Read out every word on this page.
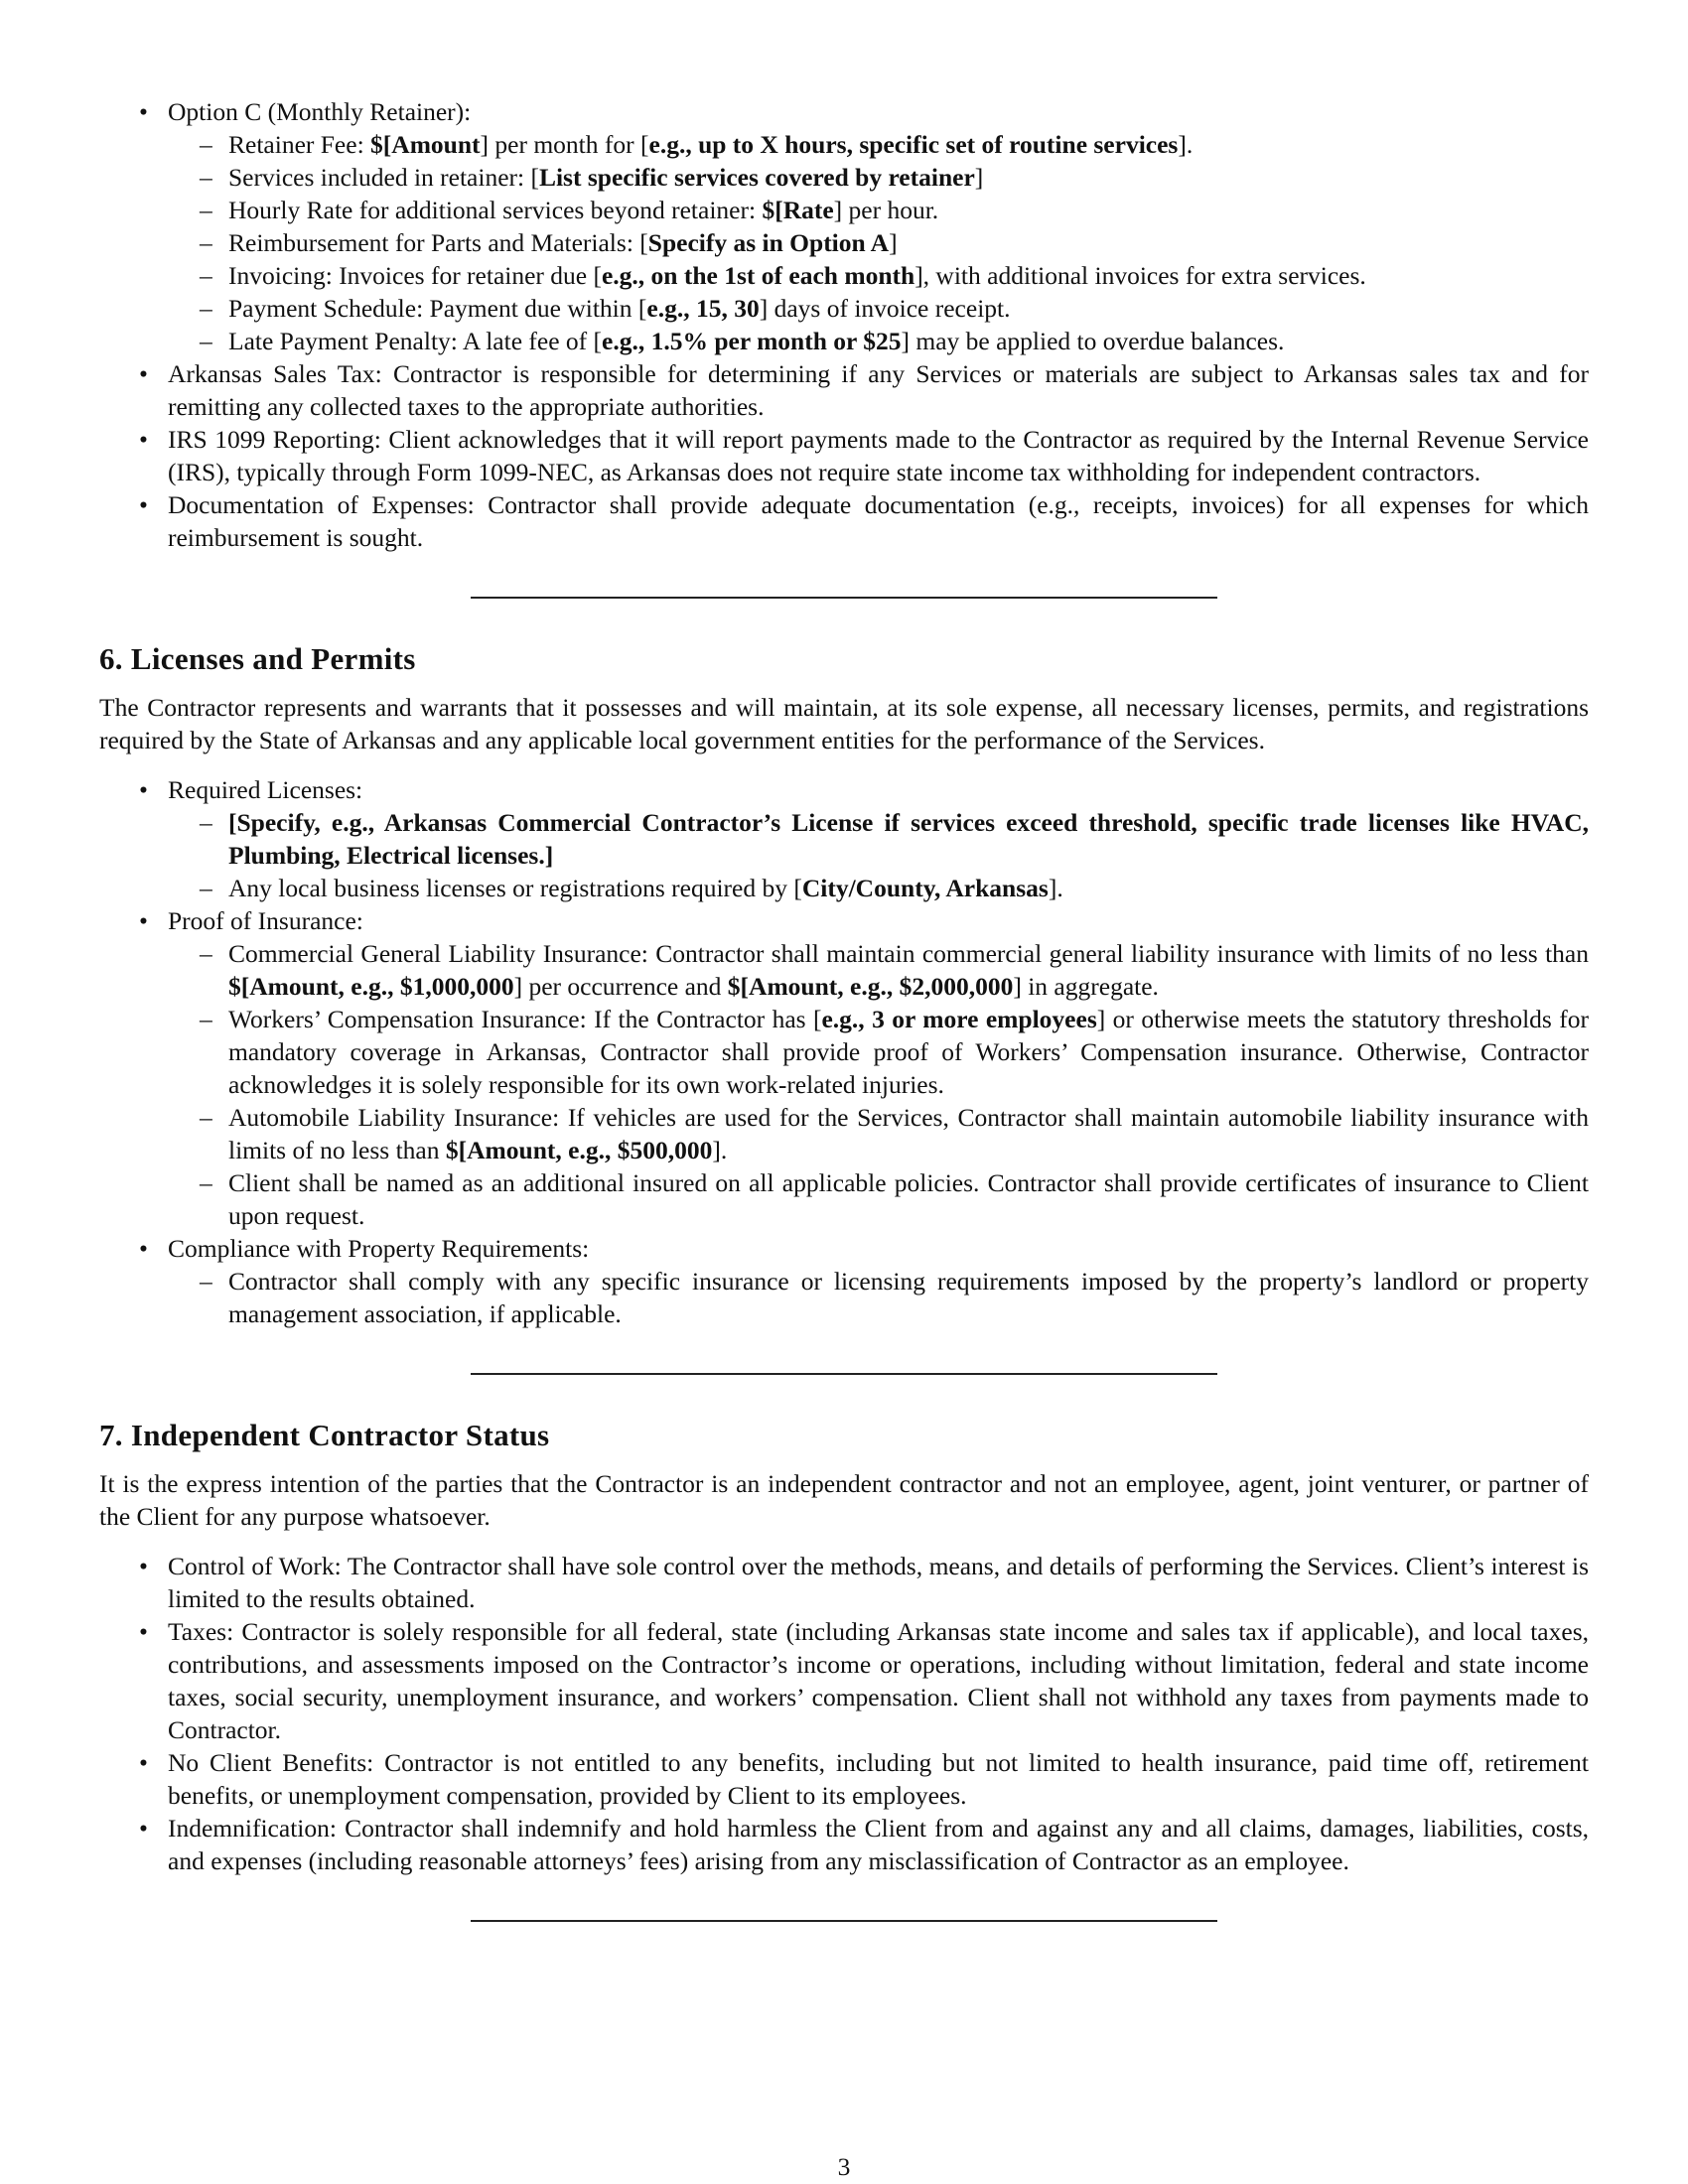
• Option C (Monthly Retainer):
– Retainer Fee: $[Amount] per month for [e.g., up to X hours, specific set of routine services].
– Services included in retainer: [List specific services covered by retainer]
– Hourly Rate for additional services beyond retainer: $[Rate] per hour.
– Reimbursement for Parts and Materials: [Specify as in Option A]
– Invoicing: Invoices for retainer due [e.g., on the 1st of each month], with additional invoices for extra services.
– Payment Schedule: Payment due within [e.g., 15, 30] days of invoice receipt.
– Late Payment Penalty: A late fee of [e.g., 1.5% per month or $25] may be applied to overdue balances.
• Arkansas Sales Tax: Contractor is responsible for determining if any Services or materials are subject to Arkansas sales tax and for remitting any collected taxes to the appropriate authorities.
• IRS 1099 Reporting: Client acknowledges that it will report payments made to the Contractor as required by the Internal Revenue Service (IRS), typically through Form 1099-NEC, as Arkansas does not require state income tax withholding for independent contractors.
• Documentation of Expenses: Contractor shall provide adequate documentation (e.g., receipts, invoices) for all expenses for which reimbursement is sought.
6. Licenses and Permits

The Contractor represents and warrants that it possesses and will maintain, at its sole expense, all necessary licenses, permits, and registrations required by the State of Arkansas and any applicable local government entities for the performance of the Services.

• Required Licenses:
– [Specify, e.g., Arkansas Commercial Contractor’s License if services exceed threshold, specific trade licenses like HVAC, Plumbing, Electrical licenses.]
– Any local business licenses or registrations required by [City/County, Arkansas].
• Proof of Insurance:
– Commercial General Liability Insurance: Contractor shall maintain commercial general liability insurance with limits of no less than $[Amount, e.g., $1,000,000] per occurrence and $[Amount, e.g., $2,000,000] in aggregate.
– Workers’ Compensation Insurance: If the Contractor has [e.g., 3 or more employees] or otherwise meets the statutory thresholds for mandatory coverage in Arkansas, Contractor shall provide proof of Workers’ Compensation insurance. Otherwise, Contractor acknowledges it is solely responsible for its own work-related injuries.
– Automobile Liability Insurance: If vehicles are used for the Services, Contractor shall maintain automobile liability insurance with limits of no less than $[Amount, e.g., $500,000].
– Client shall be named as an additional insured on all applicable policies. Contractor shall provide certificates of insurance to Client upon request.
• Compliance with Property Requirements:
– Contractor shall comply with any specific insurance or licensing requirements imposed by the property’s landlord or property management association, if applicable.
7. Independent Contractor Status

It is the express intention of the parties that the Contractor is an independent contractor and not an employee, agent, joint venturer, or partner of the Client for any purpose whatsoever.

• Control of Work: The Contractor shall have sole control over the methods, means, and details of performing the Services. Client’s interest is limited to the results obtained.
• Taxes: Contractor is solely responsible for all federal, state (including Arkansas state income and sales tax if applicable), and local taxes, contributions, and assessments imposed on the Contractor’s income or operations, including without limitation, federal and state income taxes, social security, unemployment insurance, and workers’ compensation. Client shall not withhold any taxes from payments made to Contractor.
• No Client Benefits: Contractor is not entitled to any benefits, including but not limited to health insurance, paid time off, retirement benefits, or unemployment compensation, provided by Client to its employees.
• Indemnification: Contractor shall indemnify and hold harmless the Client from and against any and all claims, damages, liabilities, costs, and expenses (including reasonable attorneys’ fees) arising from any misclassification of Contractor as an employee.
3
